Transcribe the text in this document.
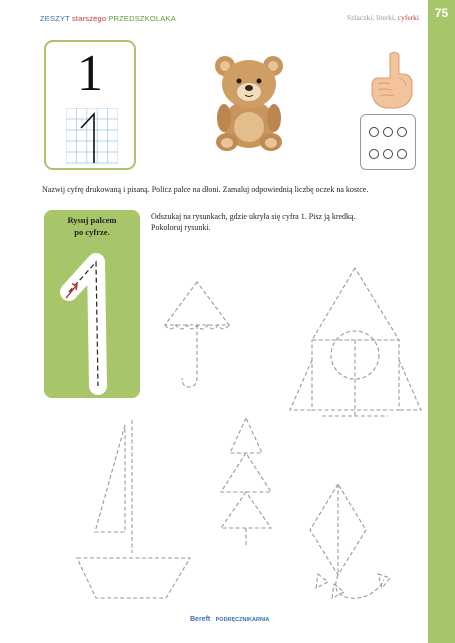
ZESZYT starszego PRZEDSZKOLAKA	Szlaczki, literki, cyferki	75
1
Nazwij cyfrę drukowaną i pisaną. Policz palce na dłoni. Zamaluj odpowiednią liczbę oczek na kostce.
Rysuj palcem
po cyfrze.
Odszukaj na rysunkach, gdzie ukryła się cyfra 1. Pisz ją kredką.
Pokoloruj rysunki.
Bereft PODRĘCZNIKARNIA
